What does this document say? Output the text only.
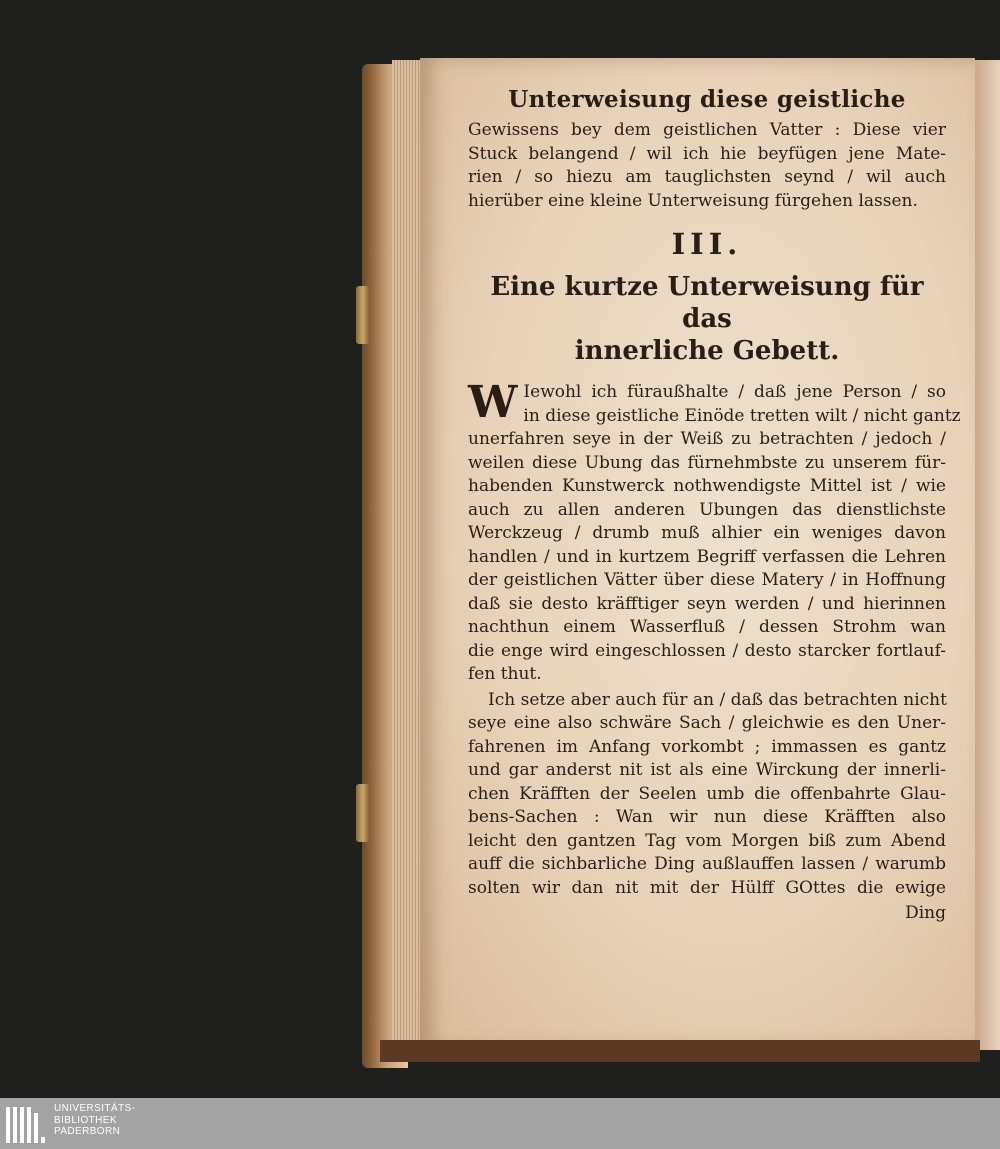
Unterweisung diese geistliche
Gewissens bey dem geistlichen Vatter : Diese vier
Stuck belangend / wil ich hie beyfügen jene Mate-
rien / so hiezu am tauglichsten seynd / wil auch
hierüber eine kleine Unterweisung fürgehen lassen.
III.
Eine kurtze Unterweisung für das
innerliche Gebett.
W Iewohl ich füraußhalte / daß jene Person / so
in diese geistliche Einöde tretten wilt / nicht gantz
unerfahren seye in der Weiß zu betrachten / jedoch /
weilen diese Ubung das fürnehmbste zu unserem für-
habenden Kunstwerck nothwendigste Mittel ist / wie
auch zu allen anderen Ubungen das dienstlichste
Werckzeug / drumb muß alhier ein weniges davon
handlen / und in kurtzem Begriff verfassen die Lehren
der geistlichen Vätter über diese Matery / in Hoffnung
daß sie desto kräfftiger seyn werden / und hierinnen
nachthun einem Wasserfluß / dessen Strohm wan
die enge wird eingeschlossen / desto starcker fortlauf-
fen thut.
Ich setze aber auch für an / daß das betrachten nicht
seye eine also schwäre Sach / gleichwie es den Uner-
fahrenen im Anfang vorkombt ; immassen es gantz
und gar anderst nit ist als eine Wirckung der innerli-
chen Kräfften der Seelen umb die offenbahrte Glau-
bens-Sachen : Wan wir nun diese Kräfften also
leicht den gantzen Tag vom Morgen biß zum Abend
auff die sichbarliche Ding außlauffen lassen / warumb
solten wir dan nit mit der Hülff GOttes die ewige
Ding
UNIVERSITÄTS-
BIBLIOTHEK
PADERBORN
